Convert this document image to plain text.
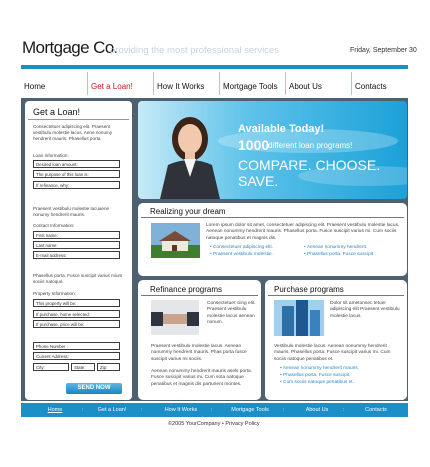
Mortgage Co.
providing the most professional services	Friday, September 30
Home	Get a Loan!	How It Works	Mortgage Tools	About Us	Contacts
Get a Loan!
Consectetuer adipiscing elit. Praesent vestibulu molestie lacus. Aene nonumy hendrerit mauris. Phasellus porta.
Loan Information:
Desired loan amount:
The purpose of this loan is:
If refinance, why:
Praesent vestibulu molestie lacuaene nonumy hendrerit mauris.
Contact Information:
First name:
Last name:
E-mail address:
Phasellus porta. Fusce suscipit varius mium sociis natoque.
Property Information:
This property will be:
If purchase, home selected:
If purchase, price will be:
Phone Number :
Current Address:
City:
State:
Zip:
SEND NOW
Available Today!
1000
different loan programs!
COMPARE. CHOOSE.
SAVE.
Realizing your dream
Lorem ipsum dolor sit amet, consectetuer adipiscing elit. Praesent vestibulu molestie lacus. Aenean nonummy hendrerit mauris. Phasellus porta. Fusce suscipit varius mi. Cum sociis natoque penatibus et magnis dis.
• Consectetuer adipiscing elit.
• Praesent vestibulu molestie.
• Aenean nonummy hendrerit.
• Phasellus porta. Fusce suscipit.
Refinance programs
Consectetuer ciing elit. Praesent vestibulu molestie lacus aenean nonum.
Praesent vestibulu molestie lacus. Aenean nonummy hendrerit mauris. Phas porta fusce suscipit varius mi sociis.
Aenean nonummy hendrerit mauris asels porta. Fusce suscipit varius mi. Cum sota natoque penatibus et magnis dis parturient montes.
Purchase programs
Dolor sit ametonsec tetuer adipiscing elit Praesent vestibulu molestie lacus.
Vestibulu molestie lacus. Aenean nonummy hendrerit mauris. Phasellus porta. Fusce suscipit varius mi. Cum sociis natoque penatibus et.
• Aenean nonummy hendrerit mauris.
• Phasellus porta. Fusce suscipit.
• Cum sociis natoque penatibus et.
Home	:	Get a Loan!	:	How It Works	:	Mortgage Tools	:	About Us	:	Contacts
©2005 YourCompany • Privacy Policy
